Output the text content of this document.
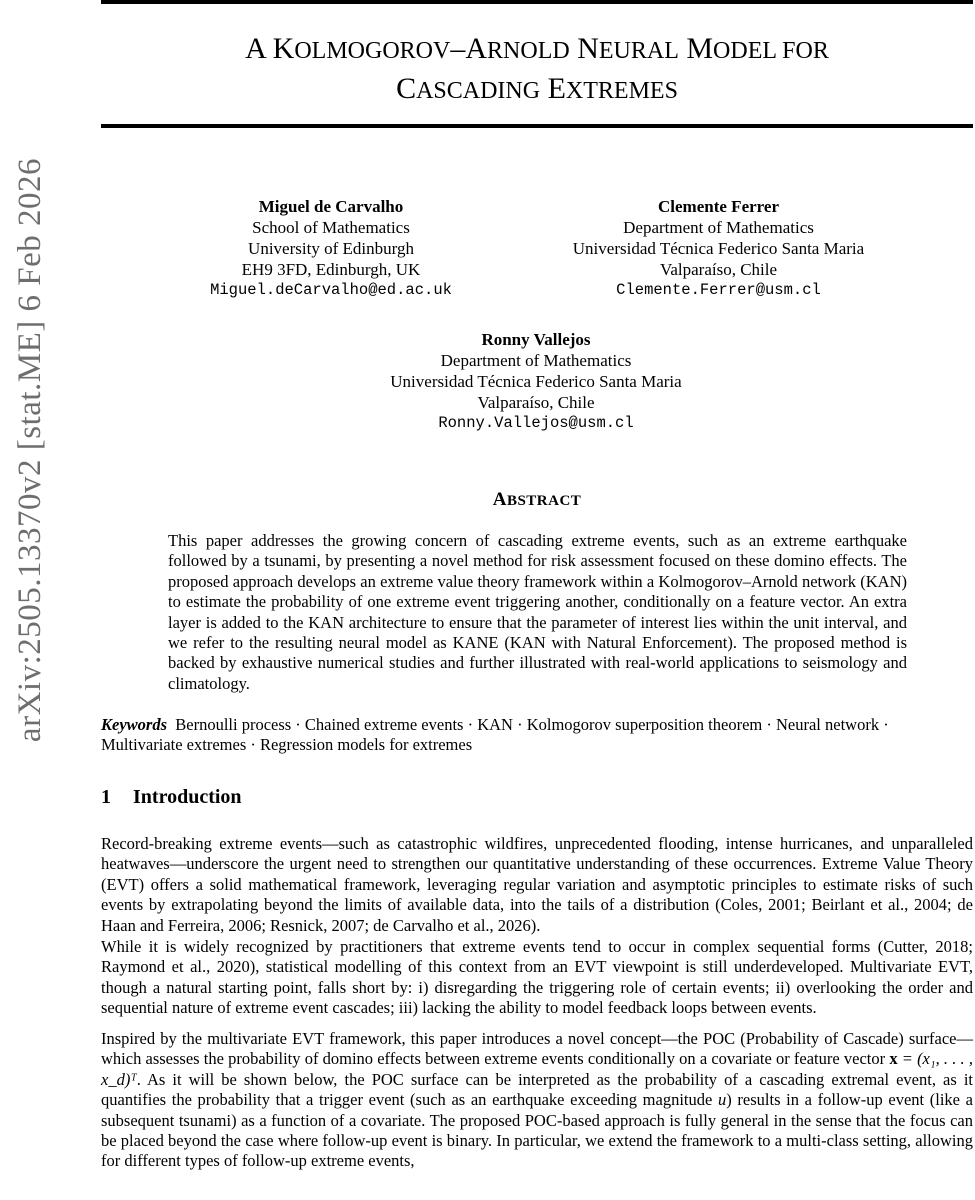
arXiv:2505.13370v2 [stat.ME] 6 Feb 2026
A KOLMOGOROV–ARNOLD NEURAL MODEL FOR
CASCADING EXTREMES
Miguel de Carvalho
School of Mathematics
University of Edinburgh
EH9 3FD, Edinburgh, UK
Miguel.deCarvalho@ed.ac.uk
Clemente Ferrer
Department of Mathematics
Universidad Técnica Federico Santa Maria
Valparaíso, Chile
Clemente.Ferrer@usm.cl
Ronny Vallejos
Department of Mathematics
Universidad Técnica Federico Santa Maria
Valparaíso, Chile
Ronny.Vallejos@usm.cl
ABSTRACT
This paper addresses the growing concern of cascading extreme events, such as an extreme earthquake followed by a tsunami, by presenting a novel method for risk assessment focused on these domino effects. The proposed approach develops an extreme value theory framework within a Kolmogorov–Arnold network (KAN) to estimate the probability of one extreme event triggering another, conditionally on a feature vector. An extra layer is added to the KAN architecture to ensure that the parameter of interest lies within the unit interval, and we refer to the resulting neural model as KANE (KAN with Natural Enforcement). The proposed method is backed by exhaustive numerical studies and further illustrated with real-world applications to seismology and climatology.
Keywords Bernoulli process · Chained extreme events · KAN · Kolmogorov superposition theorem · Neural network · Multivariate extremes · Regression models for extremes
1 Introduction
Record-breaking extreme events—such as catastrophic wildfires, unprecedented flooding, intense hurricanes, and unparalleled heatwaves—underscore the urgent need to strengthen our quantitative understanding of these occurrences. Extreme Value Theory (EVT) offers a solid mathematical framework, leveraging regular variation and asymptotic principles to estimate risks of such events by extrapolating beyond the limits of available data, into the tails of a distribution (Coles, 2001; Beirlant et al., 2004; de Haan and Ferreira, 2006; Resnick, 2007; de Carvalho et al., 2026).
While it is widely recognized by practitioners that extreme events tend to occur in complex sequential forms (Cutter, 2018; Raymond et al., 2020), statistical modelling of this context from an EVT viewpoint is still underdeveloped. Multivariate EVT, though a natural starting point, falls short by: i) disregarding the triggering role of certain events; ii) overlooking the order and sequential nature of extreme event cascades; iii) lacking the ability to model feedback loops between events.
Inspired by the multivariate EVT framework, this paper introduces a novel concept—the POC (Probability of Cascade) surface—which assesses the probability of domino effects between extreme events conditionally on a covariate or feature vector x = (x₁, . . . , x_d)ᵀ. As it will be shown below, the POC surface can be interpreted as the probability of a cascading extremal event, as it quantifies the probability that a trigger event (such as an earthquake exceeding magnitude u) results in a follow-up event (like a subsequent tsunami) as a function of a covariate. The proposed POC-based approach is fully general in the sense that the focus can be placed beyond the case where follow-up event is binary. In particular, we extend the framework to a multi-class setting, allowing for different types of follow-up extreme events,
